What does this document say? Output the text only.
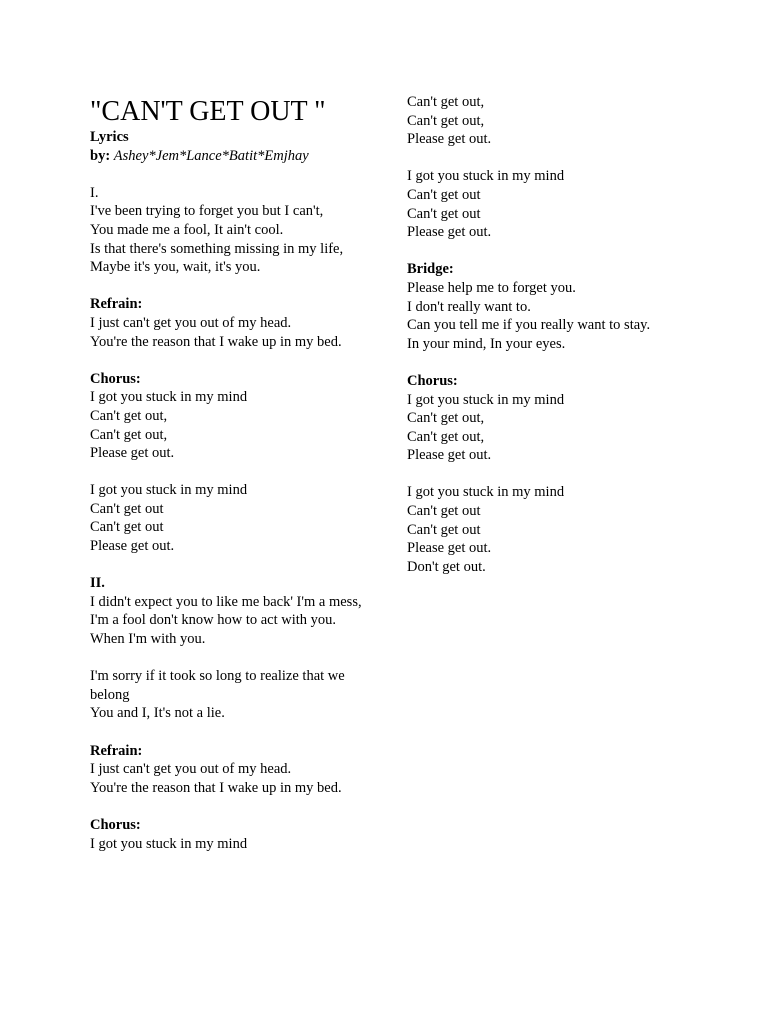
"CAN'T GET OUT "
Lyrics
by: Ashey*Jem*Lance*Batit*Emjhay
I.
I've been trying to forget you but I can't,
You made me a fool, It ain't cool.
Is that there's something missing in my life,
Maybe it's you, wait, it's you.
Refrain:
I just can't get you out of my head.
You're the reason that I wake up in my bed.
Chorus:
I got you stuck in my mind
Can't get out,
Can't get out,
Please get out.
I got you stuck in my mind
Can't get out
Can't get out
Please get out.
II.
I didn't expect you to like me back' I'm a mess,
I'm a fool don't know how to act with you.
When I'm with you.
I'm sorry if it took so long to realize that we belong
You and I, It's not a lie.
Refrain:
I just can't get you out of my head.
You're the reason that I wake up in my bed.
Chorus:
I got you stuck in my mind
Can't get out,
Can't get out,
Please get out.
I got you stuck in my mind
Can't get out
Can't get out
Please get out.
Bridge:
Please help me to forget you.
I don't really want to.
Can you tell me if you really want to stay.
In your mind, In your eyes.
Chorus:
I got you stuck in my mind
Can't get out,
Can't get out,
Please get out.
I got you stuck in my mind
Can't get out
Can't get out
Please get out.
Don't get out.
